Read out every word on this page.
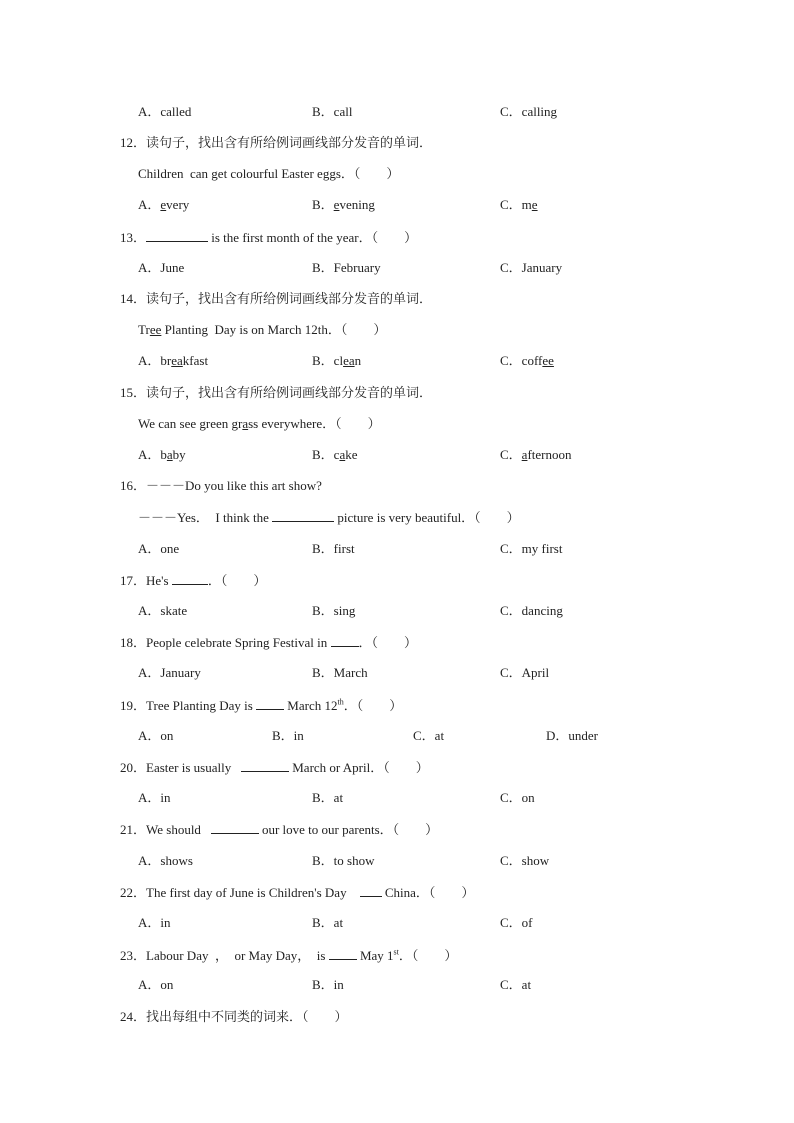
A．called	B．call	C．calling
12．读句子，找出含有所给例词画线部分发音的单词．
Children  can get colourful Easter eggs．（        ）
A．every	B．evening	C．me
13．	is the first month of the year．（        ）
A．June	B．February	C．January
14．读句子，找出含有所给例词画线部分发音的单词．
Tree Planting  Day is on March 12th．（        ）
A．breakfast	B．clean	C．coffee
15．读句子，找出含有所给例词画线部分发音的单词．
We can see green grass everywhere．（        ）
A．baby	B．cake	C．afternoon
16．－－－Do you like this art show?
－－－Yes．  I think the	picture is very beautiful．（        ）
A．one	B．first	C．my first
17．He's	．（        ）
A．skate	B．sing	C．dancing
18．People celebrate Spring Festival in ．（        ）
A．January	B．March	C．April
19．Tree Planting Day is  March 12th．（        ）
A．on	B．in	C．at	D．under
20．Easter is usually	March or April．（        ）
A．in	B．at	C．on
21．We should	our love to our parents．（        ）
A．shows	B．to show	C．show
22．The first day of June is Children's Day     China．（        ）
A．in	B．at	C．of
23．Labour Day  ，  or May Day，  is  May 1st．（        ）
A．on	B．in	C．at
24．找出每组中不同类的词来．（        ）
